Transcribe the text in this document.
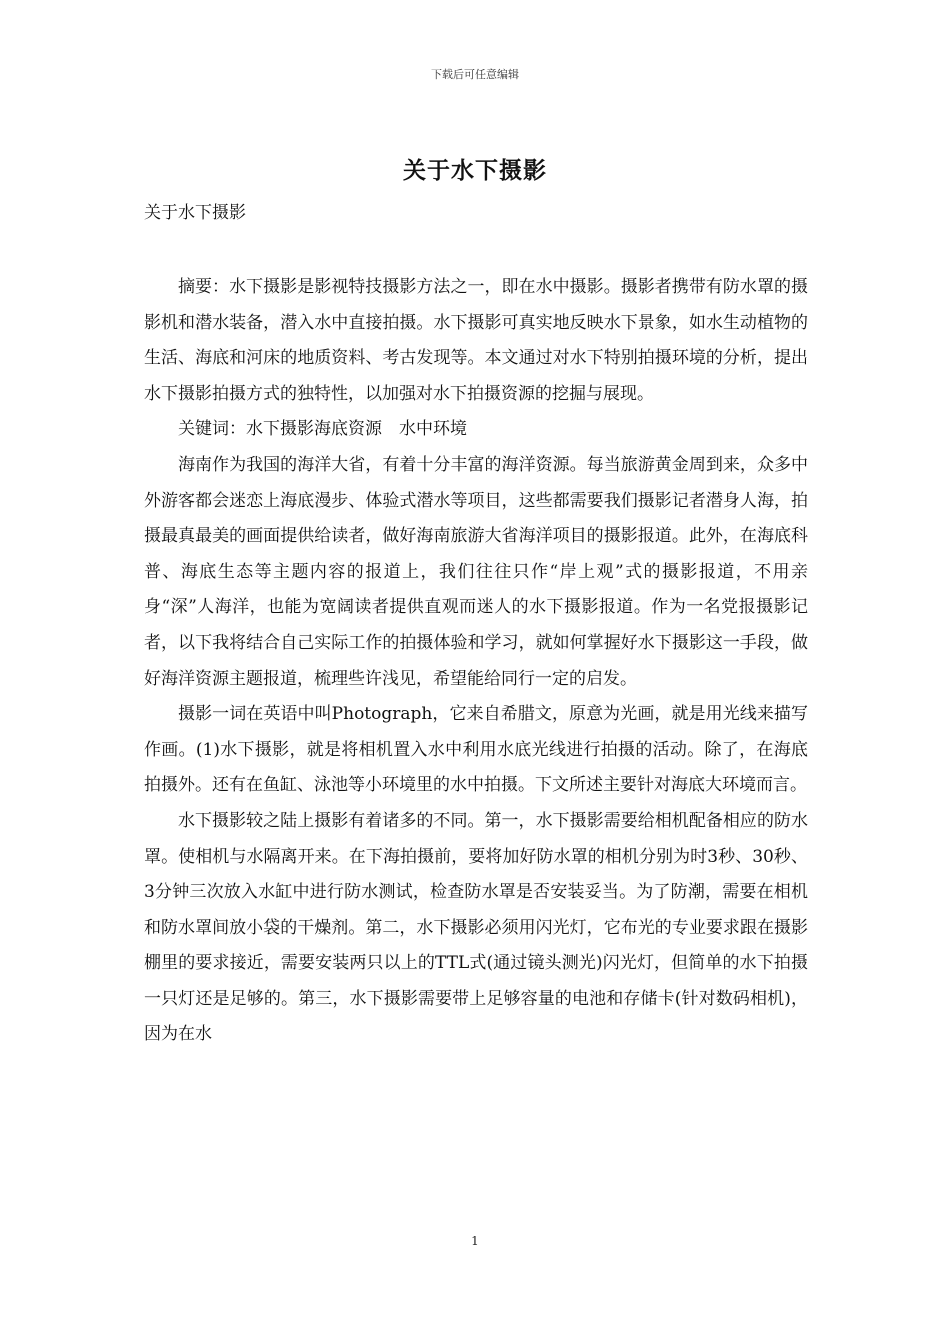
下载后可任意编辑
关于水下摄影

关于水下摄影

摘要：水下摄影是影视特技摄影方法之一，即在水中摄影。摄影者携带有防水罩的摄影机和潜水装备，潜入水中直接拍摄。水下摄影可真实地反映水下景象，如水生动植物的生活、海底和河床的地质资料、考古发现等。本文通过对水下特别拍摄环境的分析，提出水下摄影拍摄方式的独特性，以加强对水下拍摄资源的挖掘与展现。

关键词：水下摄影海底资源　水中环境

海南作为我国的海洋大省，有着十分丰富的海洋资源。每当旅游黄金周到来，众多中外游客都会迷恋上海底漫步、体验式潜水等项目，这些都需要我们摄影记者潜身人海，拍摄最真最美的画面提供给读者，做好海南旅游大省海洋项目的摄影报道。此外，在海底科普、海底生态等主题内容的报道上，我们往往只作“岸上观”式的摄影报道，不用亲身“深”人海洋，也能为宽阔读者提供直观而迷人的水下摄影报道。作为一名党报摄影记者，以下我将结合自己实际工作的拍摄体验和学习，就如何掌握好水下摄影这一手段，做好海洋资源主题报道，梳理些许浅见，希望能给同行一定的启发。

摄影一词在英语中叫Photograph，它来自希腊文，原意为光画，就是用光线来描写作画。(1)水下摄影，就是将相机置入水中利用水底光线进行拍摄的活动。除了，在海底拍摄外。还有在鱼缸、泳池等小环境里的水中拍摄。下文所述主要针对海底大环境而言。

水下摄影较之陆上摄影有着诸多的不同。第一，水下摄影需要给相机配备相应的防水罩。使相机与水隔离开来。在下海拍摄前，要将加好防水罩的相机分别为时3秒、30秒、3分钟三次放入水缸中进行防水测试，检查防水罩是否安装妥当。为了防潮，需要在相机和防水罩间放小袋的干燥剂。第二，水下摄影必须用闪光灯，它布光的专业要求跟在摄影棚里的要求接近，需要安装两只以上的TTL式(通过镜头测光)闪光灯，但简单的水下拍摄一只灯还是足够的。第三，水下摄影需要带上足够容量的电池和存储卡(针对数码相机)，因为在水

1
